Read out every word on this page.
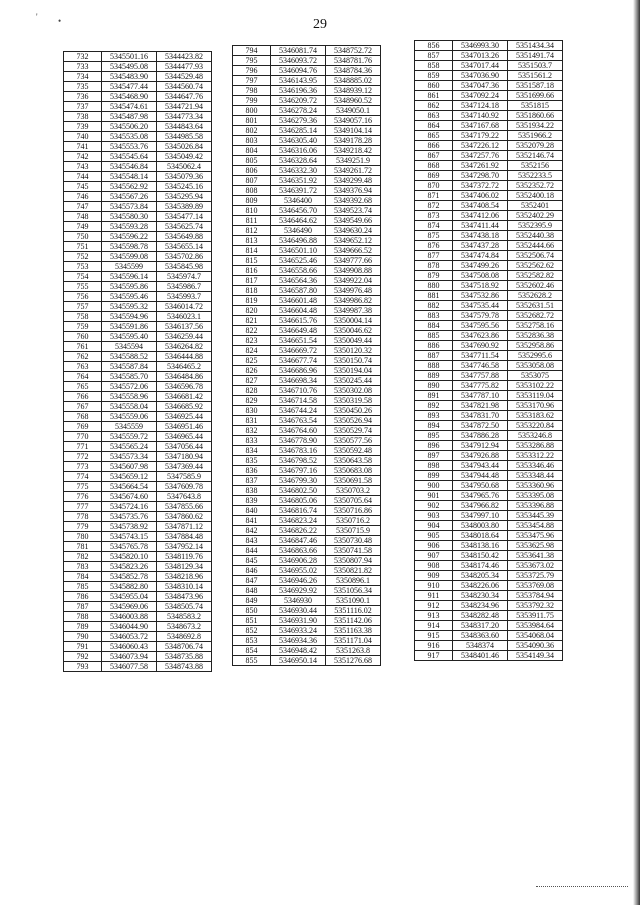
' •	29
732	5345501.16	5344423.82
733	5345495.08	5344477.93
734	5345483.90	5344529.48
735	5345477.44	5344560.74
736	5345468.90	5344647.76
737	5345474.61	5344721.94
738	5345487.98	5344773.34
739	5345506.20	5344843.64
740	5345535.08	5344985.58
741	5345553.76	5345026.84
742	5345545.64	5345049.42
743	5345546.84	5345062.4
744	5345548.14	5345079.36
745	5345562.92	5345245.16
746	5345567.26	5345295.94
747	5345573.84	5345389.89
748	5345580.30	5345477.14
749	5345593.28	5345625.74
750	5345596.22	5345649.88
751	5345598.78	5345655.14
752	5345599.08	5345702.86
753	5345599	5345845.98
754	5345596.14	5345974.7
755	5345595.86	5345986.7
756	5345595.46	5345993.7
757	5345595.32	5346014.72
758	5345594.96	5346023.1
759	5345591.86	5346137.56
760	5345595.40	5346259.44
761	5345594	5346264.82
762	5345588.52	5346444.88
763	5345587.84	5346465.2
764	5345585.70	5346484.86
765	5345572.06	5346596.78
766	5345558.96	5346681.42
767	5345558.04	5346685.92
768	5345559.06	5346925.44
769	5345559	5346951.46
770	5345559.72	5346965.44
771	5345565.24	5347056.44
772	5345573.34	5347180.94
773	5345607.98	5347369.44
774	5345659.12	5347585.9
775	5345664.54	5347609.78
776	5345674.60	5347643.8
777	5345724.16	5347855.66
778	5345735.76	5347860.62
779	5345738.92	5347871.12
780	5345743.15	5347884.48
781	5345765.78	5347952.14
782	5345820.10	5348119.76
783	5345823.26	5348129.34
784	5345852.78	5348218.96
785	5345882.80	5348310.14
786	5345955.04	5348473.96
787	5345969.06	5348505.74
788	5346003.88	5348583.2
789	5346044.90	5348673.2
790	5346053.72	5348692.8
791	5346060.43	5348706.74
792	5346073.94	5348735.88
793	5346077.58	5348743.88
794	5346081.74	5348752.72
795	5346093.72	5348781.76
796	5346094.76	5348784.36
797	5346143.95	5348885.02
798	5346196.36	5348939.12
799	5346209.72	5348960.52
800	5346278.24	5349050.1
801	5346279.36	5349057.16
802	5346285.14	5349104.14
803	5346305.40	5349178.28
804	5346316.06	5349218.42
805	5346328.64	5349251.9
806	5346332.30	5349261.72
807	5346351.92	5349299.48
808	5346391.72	5349376.94
809	5346400	5349392.68
810	5346456.70	5349523.74
811	5346464.62	5349549.66
812	5346490	5349630.24
813	5346496.88	5349652.12
814	5346501.10	5349666.52
815	5346525.46	5349777.66
816	5346558.66	5349908.88
817	5346564.36	5349922.04
818	5346587.80	5349976.48
819	5346601.48	5349986.82
820	5346604.48	5349987.38
821	5346615.76	5350004.14
822	5346649.48	5350046.62
823	5346651.54	5350049.44
824	5346669.72	5350120.32
825	5346677.74	5350150.74
826	5346686.96	5350194.04
827	5346698.34	5350245.44
828	5346710.76	5350302.08
829	5346714.58	5350319.58
830	5346744.24	5350450.26
831	5346763.54	5350526.94
832	5346764.60	5350529.74
833	5346778.90	5350577.56
834	5346783.16	5350592.48
835	5346798.52	5350643.58
836	5346797.16	5350683.08
837	5346799.30	5350691.58
838	5346802.50	5350703.2
839	5346805.06	5350705.64
840	5346816.74	5350716.86
841	5346823.24	5350716.2
842	5346826.22	5350715.9
843	5346847.46	5350730.48
844	5346863.66	5350741.58
845	5346906.28	5350807.94
846	5346955.02	5350821.82
847	5346946.26	5350896.1
848	5346929.92	5351056.34
849	5346930	5351090.1
850	5346930.44	5351116.02
851	5346931.90	5351142.06
852	5346933.24	5351163.38
853	5346934.36	5351171.04
854	5346948.42	5351263.8
855	5346950.14	5351276.68
856	5346993.30	5351434.34
857	5347013.26	5351491.74
858	5347017.44	5351503.7
859	5347036.90	5351561.2
860	5347047.36	5351587.18
861	5347092.24	5351699.66
862	5347124.18	5351815
863	5347140.92	5351860.66
864	5347167.68	5351934.22
865	5347179.22	5351966.2
866	5347226.12	5352079.28
867	5347257.76	5352146.74
868	5347261.92	5352156
869	5347298.70	5352233.5
870	5347372.72	5352352.72
871	5347406.02	5352400.18
872	5347408.54	5352401
873	5347412.06	5352402.29
874	5347411.44	5352395.9
875	5347438.18	5352440.38
876	5347437.28	5352444.66
877	5347474.84	5352506.74
878	5347499.26	5352562.62
879	5347508.08	5352582.82
880	5347518.92	5352602.46
881	5347532.86	5352628.2
882	5347535.44	5352631.51
883	5347579.78	5352682.72
884	5347595.56	5352758.16
885	5347623.86	5352836.38
886	5347690.92	5352958.86
887	5347711.54	5352995.6
888	5347746.58	5353058.08
889	5347757.88	5353075
890	5347775.82	5353102.22
891	5347787.10	5353119.04
892	5347821.98	5353170.96
893	5347831.70	5353183.62
894	5347872.50	5353220.84
895	5347886.28	5353246.8
896	5347912.94	5353286.88
897	5347926.88	5353312.22
898	5347943.44	5353346.46
899	5347944.48	5353348.44
900	5347950.68	5353360.96
901	5347965.76	5353395.08
902	5347966.82	5353396.88
903	5347997.10	5353445.39
904	5348003.80	5353454.88
905	5348018.64	5353475.96
906	5348138.16	5353625.98
907	5348150.42	5353641.38
908	5348174.46	5353673.02
909	5348205.34	5353725.79
910	5348226.06	5353769.08
911	5348230.34	5353784.94
912	5348234.96	5353792.32
913	5348282.48	5353911.75
914	5348317.20	5353984.64
915	5348363.60	5354068.04
916	5348374	5354090.36
917	5348401.46	5354149.34
